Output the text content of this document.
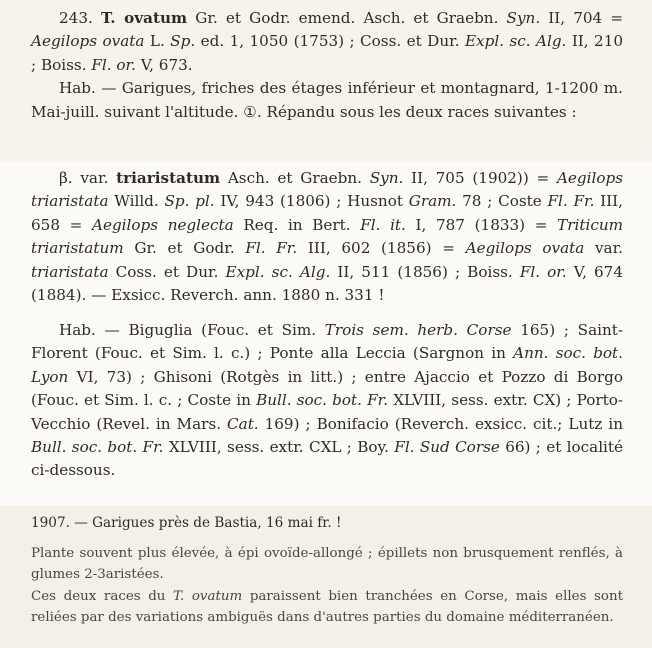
243. T. ovatum Gr. et Godr. emend. Asch. et Graebn. Syn. II, 704 = Aegilops ovata L. Sp. ed. 1, 1050 (1753) ; Coss. et Dur. Expl. sc. Alg. II, 210 ; Boiss. Fl. or. V, 673.

Hab. — Garigues, friches des étages inférieur et montagnard, 1-1200 m. Mai-juill. suivant l'altitude. ①. Répandu sous les deux races suivantes :

β. var. triaristatum Asch. et Graebn. Syn. II, 705 (1902)) = Aegilops triaristata Willd. Sp. pl. IV, 943 (1806) ; Husnot Gram. 78 ; Coste Fl. Fr. III, 658 = Aegilops neglecta Req. in Bert. Fl. it. I, 787 (1833) = Triticum triaristatum Gr. et Godr. Fl. Fr. III, 602 (1856) = Aegilops ovata var. triaristata Coss. et Dur. Expl. sc. Alg. II, 511 (1856) ; Boiss. Fl. or. V, 674 (1884). — Exsicc. Reverch. ann. 1880 n. 331 !

Hab. — Biguglia (Fouc. et Sim. Trois sem. herb. Corse 165) ; Saint-Florent (Fouc. et Sim. l. c.) ; Ponte alla Leccia (Sargnon in Ann. soc. bot. Lyon VI, 73) ; Ghisoni (Rotgès in litt.) ; entre Ajaccio et Pozzo di Borgo (Fouc. et Sim. l. c. ; Coste in Bull. soc. bot. Fr. XLVIII, sess. extr. CX) ; Porto-Vecchio (Revel. in Mars. Cat. 169) ; Bonifacio (Reverch. exsicc. cit.; Lutz in Bull. soc. bot. Fr. XLVIII, sess. extr. CXL ; Boy. Fl. Sud Corse 66) ; et localité ci-dessous.

1907. — Garigues près de Bastia, 16 mai fr. !

Plante souvent plus élevée, à épi ovoïde-allongé ; épillets non brusquement renflés, à glumes 2-3aristées.

Ces deux races du T. ovatum paraissent bien tranchées en Corse, mais elles sont reliées par des variations ambiguës dans d'autres parties du domaine méditerranéen.
